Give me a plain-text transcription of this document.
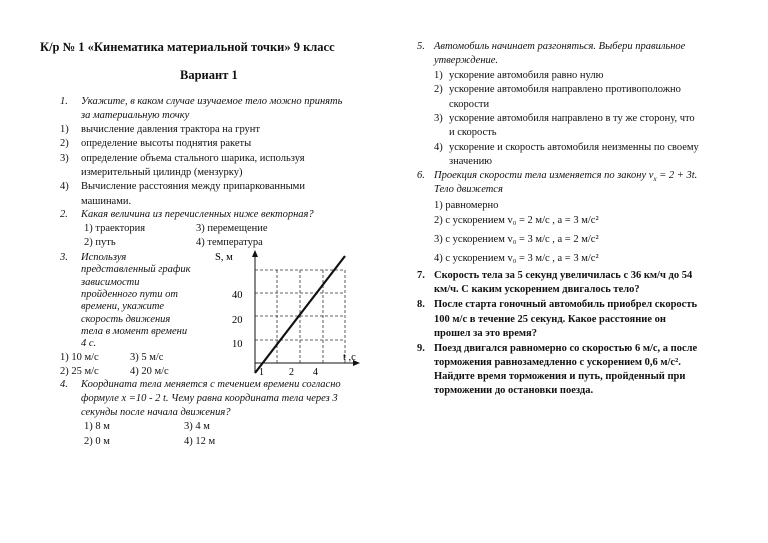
К/р № 1 «Кинематика материальной точки» 9 класс
Вариант 1
1. Укажите, в каком случае изучаемое тело можно принять
за материальную точку
1) вычисление давления трактора на грунт
2) определение высоты поднятия ракеты
3) определение объема стального шарика, используя
измерительный цилиндр (мензурку)
4) Вычисление расстояния между припаркованными
машинами.
2. Какая величина из перечисленных ниже векторная?
1) траектория	3) перемещение
2) путь	4) температура
3. Используя
представленный график
зависимости
пройденного пути от
времени, укажите
скорость движения
тела в момент времени
4 с.
1) 10 м/с	3) 5 м/с
2) 25 м/с	4) 20 м/с
S, м
40
20
10
t ,с
1	2 4
4. Координата тела меняется с течением времени согласно
формуле x =10 - 2 t. Чему равна координата тела через 3
секунды после начала движения?
1) 8 м	3) 4 м
2) 0 м	4) 12 м
5. Автомобиль начинает разгоняться. Выбери правильное
утверждение.
1) ускорение автомобиля равно нулю
2) ускорение автомобиля направлено противоположно
скорости
3) ускорение автомобиля направлено в ту же сторону, что
и скорость
4) ускорение и скорость автомобиля неизменны по своему
значению
6. Проекция скорости тела изменяется по закону $v_x = 2 + 3t$.
Тело движется
1) равномерно
2) с ускорением v₀ = 2 м/с , a = 3 м/с²
3) с ускорением v₀ = 3 м/с , a = 2 м/с²
4) с ускорением v₀ = 3 м/с , a = 3 м/с²
7. Скорость тела за 5 секунд увеличилась с 36 км/ч до 54
км/ч. С каким ускорением двигалось тело?
8. После старта гоночный автомобиль приобрел скорость
100 м/с в течение 25 секунд. Какое расстояние он
прошел за это время?
9. Поезд двигался равномерно со скоростью 6 м/с, а после
торможения равнозамедленно с ускорением 0,6 м/с².
Найдите время торможения и путь, пройденный при
торможении до остановки поезда.
